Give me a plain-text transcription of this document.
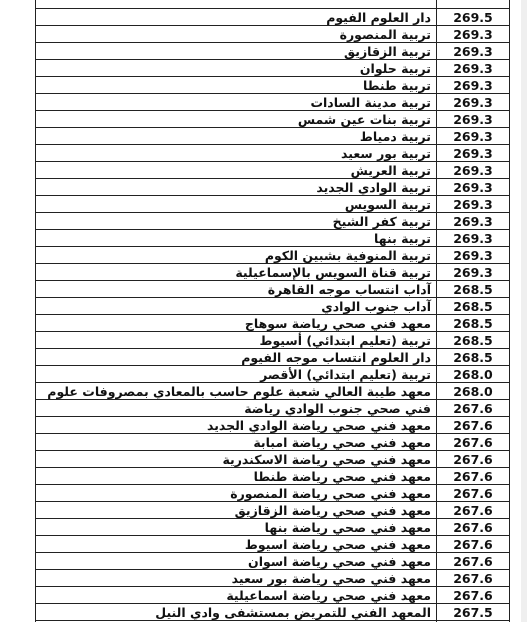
دار العلوم الفيوم	269.5
تربية المنصورة	269.3
تربية الزقازيق	269.3
تربية حلوان	269.3
تربية طنطا	269.3
تربية مدينة السادات	269.3
تربية بنات عين شمس	269.3
تربية دمياط	269.3
تربية بور سعيد	269.3
تربية العريش	269.3
تربية الوادي الجديد	269.3
تربية السويس	269.3
تربية كفر الشيخ	269.3
تربية بنها	269.3
تربية المنوفية بشبين الكوم	269.3
تربية قناة السويس بالإسماعيلية	269.3
آداب انتساب موجه القاهرة	268.5
آداب جنوب الوادي	268.5
معهد فني صحي رياضة سوهاج	268.5
تربية (تعليم ابتدائي) أسيوط	268.5
دار العلوم انتساب موجه الفيوم	268.5
تربية (تعليم ابتدائي) الأقصر	268.0
معهد طيبة العالي شعبة علوم حاسب بالمعادي بمصروفات علوم	268.0
فني صحي جنوب الوادي رياضة	267.6
معهد فني صحي رياضة الوادي الجديد	267.6
معهد فني صحي رياضة امبابة	267.6
معهد فني صحي رياضة الاسكندرية	267.6
معهد فني صحي رياضة طنطا	267.6
معهد فني صحي رياضة المنصورة	267.6
معهد فني صحي رياضة الزقازيق	267.6
معهد فني صحي رياضة بنها	267.6
معهد فني صحي رياضة اسيوط	267.6
معهد فني صحي رياضة اسوان	267.6
معهد فني صحي رياضة بور سعيد	267.6
معهد فني صحي رياضة اسماعيلية	267.6
المعهد الفني للتمريض بمستشفى وادي النيل	267.5
